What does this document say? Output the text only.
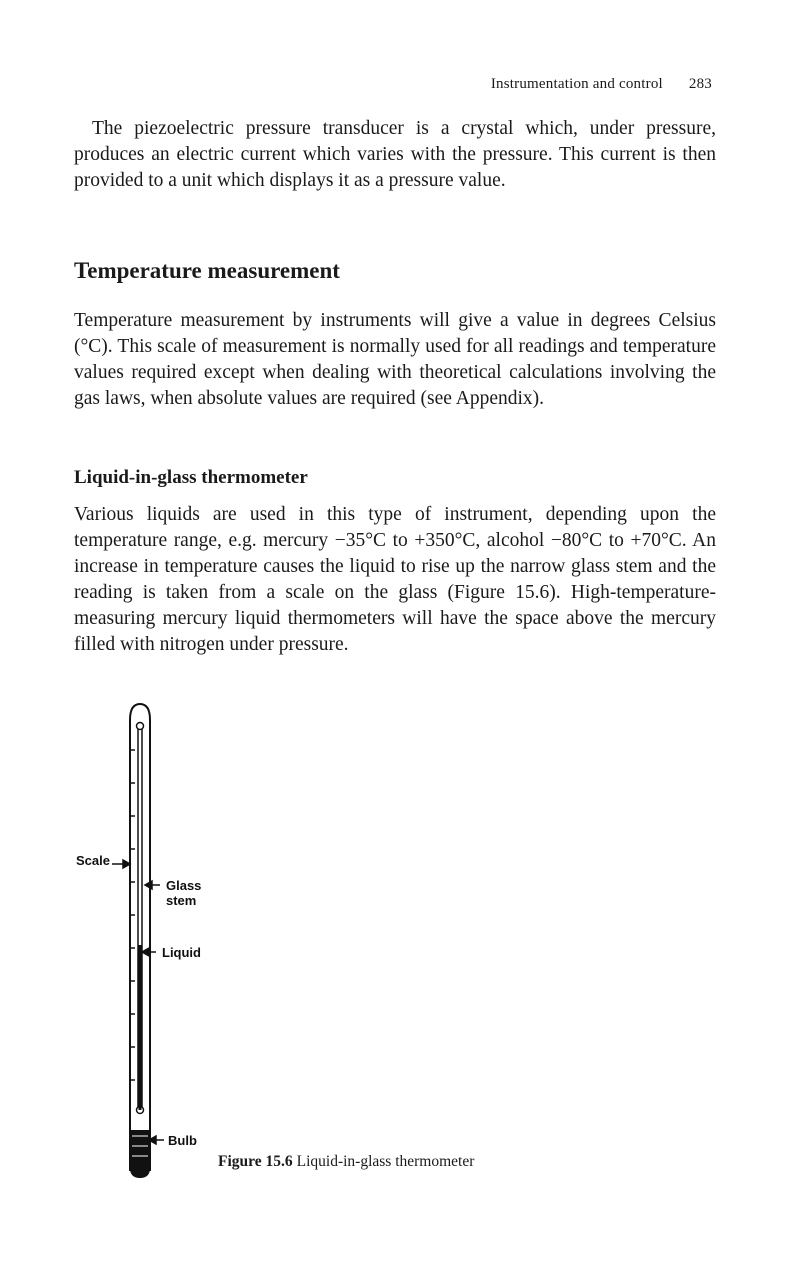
Instrumentation and control 283

The piezoelectric pressure transducer is a crystal which, under pressure, produces an electric current which varies with the pressure. This current is then provided to a unit which displays it as a pressure value.

Temperature measurement

Temperature measurement by instruments will give a value in degrees Celsius (°C). This scale of measurement is normally used for all readings and temperature values required except when dealing with theoretical calculations involving the gas laws, when absolute values are required (see Appendix).

Liquid-in-glass thermometer

Various liquids are used in this type of instrument, depending upon the temperature range, e.g. mercury −35°C to +350°C, alcohol −80°C to +70°C. An increase in temperature causes the liquid to rise up the narrow glass stem and the reading is taken from a scale on the glass (Figure 15.6). High-temperature-measuring mercury liquid thermometers will have the space above the mercury filled with nitrogen under pressure.

Scale
Glass
stem
Liquid
Bulb
Figure 15.6 Liquid-in-glass thermometer
